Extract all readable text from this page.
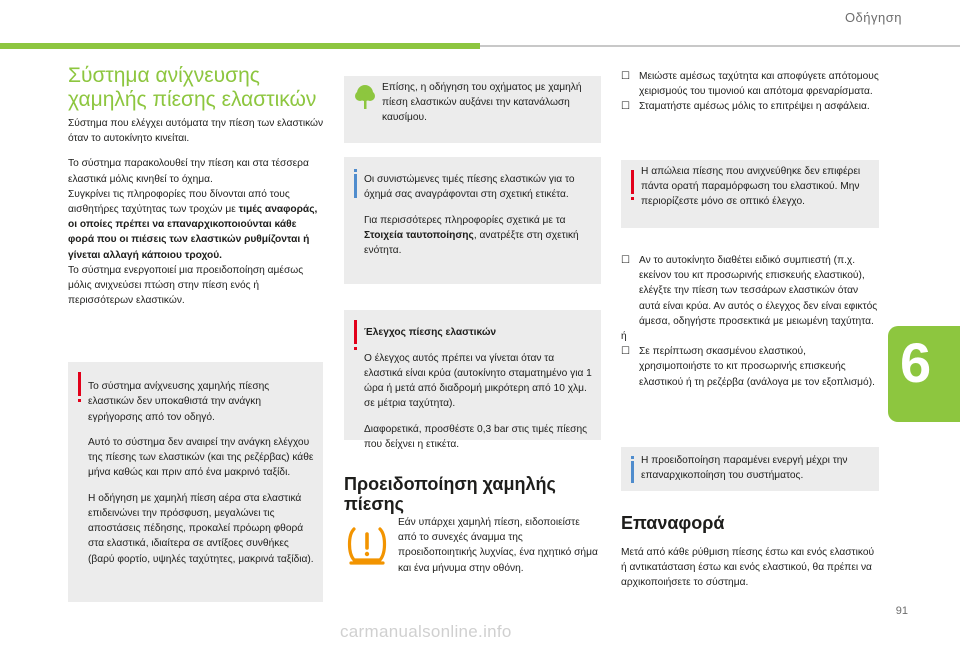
Οδήγηση
6
Σύστημα ανίχνευσης χαμηλής πίεσης ελαστικών

Σύστημα που ελέγχει αυτόματα την πίεση των ελαστικών όταν το αυτοκίνητο κινείται.

Το σύστημα παρακολουθεί την πίεση και στα τέσσερα ελαστικά μόλις κινηθεί το όχημα.

Συγκρίνει τις πληροφορίες που δίνονται από τους αισθητήρες ταχύτητας των τροχών με τιμές αναφοράς, οι οποίες πρέπει να επαναρχικοποιούνται κάθε φορά που οι πιέσεις των ελαστικών ρυθμίζονται ή γίνεται αλλαγή κάποιου τροχού.

Το σύστημα ενεργοποιεί μια προειδοποίηση αμέσως μόλις ανιχνεύσει πτώση στην πίεση ενός ή περισσότερων ελαστικών.

Το σύστημα ανίχνευσης χαμηλής πίεσης ελαστικών δεν υποκαθιστά την ανάγκη εγρήγορσης από τον οδηγό.

Αυτό το σύστημα δεν αναιρεί την ανάγκη ελέγχου της πίεσης των ελαστικών (και της ρεζέρβας) κάθε μήνα καθώς και πριν από ένα μακρινό ταξίδι.

Η οδήγηση με χαμηλή πίεση αέρα στα ελαστικά επιδεινώνει την πρόσφυση, μεγαλώνει τις αποστάσεις πέδησης, προκαλεί πρόωρη φθορά στα ελαστικά, ιδιαίτερα σε αντίξοες συνθήκες (βαρύ φορτίο, υψηλές ταχύτητες, μακρινά ταξίδια).

Επίσης, η οδήγηση του οχήματος με χαμηλή πίεση ελαστικών αυξάνει την κατανάλωση καυσίμου.

Οι συνιστώμενες τιμές πίεσης ελαστικών για το όχημά σας αναγράφονται στη σχετική ετικέτα.

Για περισσότερες πληροφορίες σχετικά με τα Στοιχεία ταυτοποίησης, ανατρέξτε στη σχετική ενότητα.

Έλεγχος πίεσης ελαστικών

Ο έλεγχος αυτός πρέπει να γίνεται όταν τα ελαστικά είναι κρύα (αυτοκίνητο σταματημένο για 1 ώρα ή μετά από διαδρομή μικρότερη από 10 χλμ. σε μέτρια ταχύτητα).

Διαφορετικά, προσθέστε 0,3 bar στις τιμές πίεσης που δείχνει η ετικέτα.

Προειδοποίηση χαμηλής πίεσης
Εάν υπάρχει χαμηλή πίεση, ειδοποιείστε από το συνεχές άναμμα της προειδοποιητικής λυχνίας, ένα ηχητικό σήμα και ένα μήνυμα στην οθόνη.
☐ Μειώστε αμέσως ταχύτητα και αποφύγετε απότομους χειρισμούς του τιμονιού και απότομα φρεναρίσματα.
☐ Σταματήστε αμέσως μόλις το επιτρέψει η ασφάλεια.
Η απώλεια πίεσης που ανιχνεύθηκε δεν επιφέρει πάντα ορατή παραμόρφωση του ελαστικού. Μην περιορίζεστε μόνο σε οπτικό έλεγχο.
☐ Αν το αυτοκίνητο διαθέτει ειδικό συμπιεστή (π.χ. εκείνον του κιτ προσωρινής επισκευής ελαστικού), ελέγξτε την πίεση των τεσσάρων ελαστικών όταν αυτά είναι κρύα. Αν αυτός ο έλεγχος δεν είναι εφικτός άμεσα, οδηγήστε προσεκτικά με μειωμένη ταχύτητα.

ή

☐ Σε περίπτωση σκασμένου ελαστικού, χρησιμοποιήστε το κιτ προσωρινής επισκευής ελαστικού ή τη ρεζέρβα (ανάλογα με τον εξοπλισμό).
Η προειδοποίηση παραμένει ενεργή μέχρι την επαναρχικοποίηση του συστήματος.
Επαναφορά
Μετά από κάθε ρύθμιση πίεσης έστω και ενός ελαστικού ή αντικατάσταση έστω και ενός ελαστικού, θα πρέπει να αρχικοποιήσετε το σύστημα.
91
carmanualsonline.info
